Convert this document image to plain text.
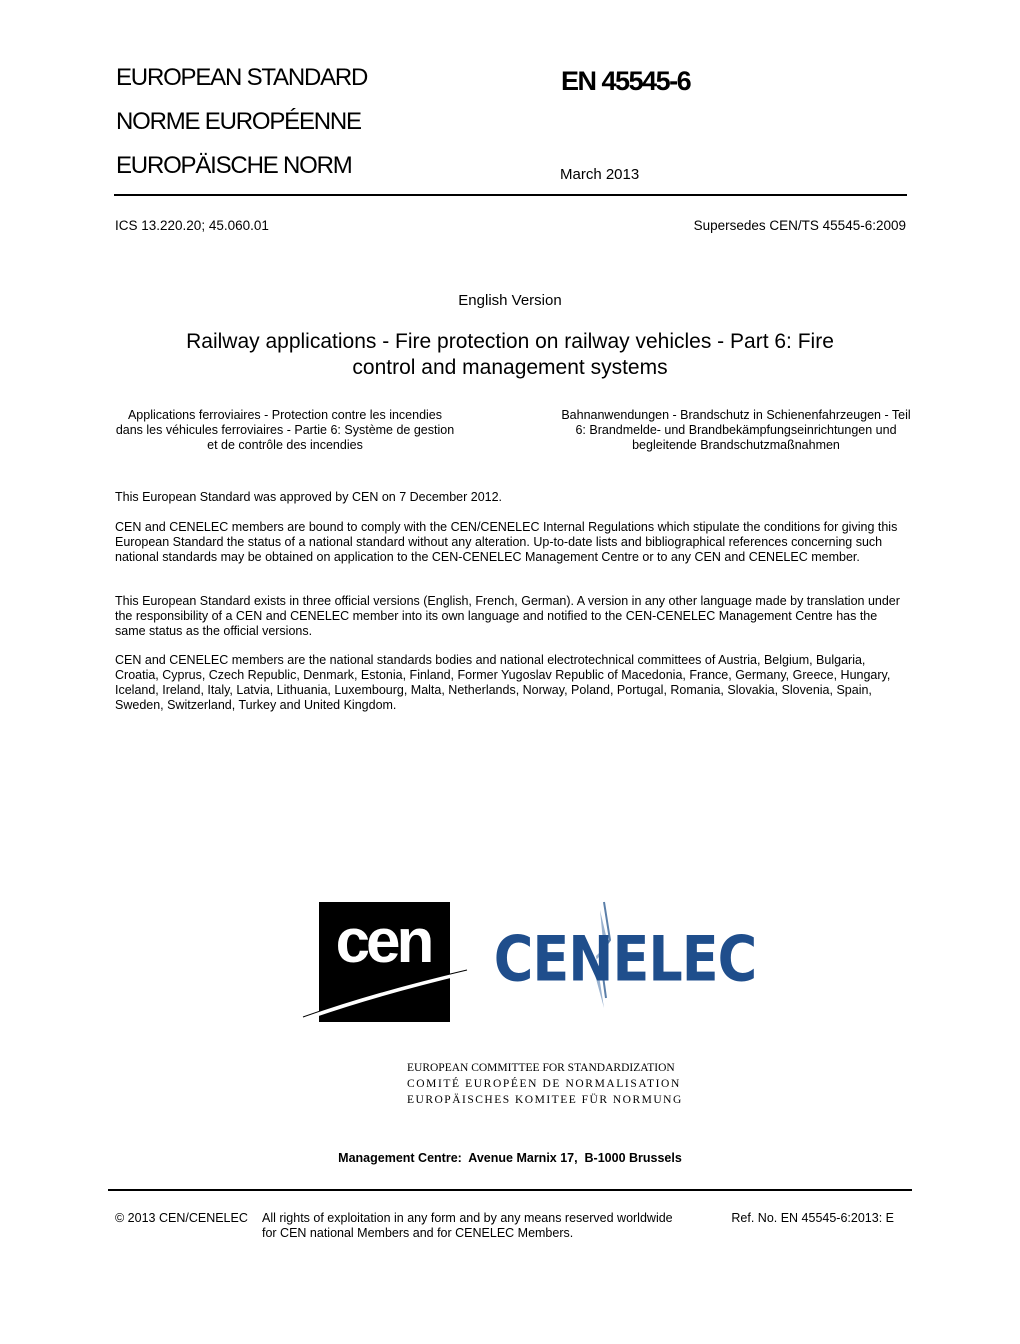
EUROPEAN STANDARD
NORME EUROPÉENNE
EUROPÄISCHE NORM
EN 45545-6
March 2013
ICS 13.220.20; 45.060.01	Supersedes CEN/TS 45545-6:2009
English Version
Railway applications - Fire protection on railway vehicles - Part 6: Fire control and management systems
Applications ferroviaires - Protection contre les incendies dans les véhicules ferroviaires - Partie 6: Système de gestion et de contrôle des incendies
Bahnanwendungen - Brandschutz in Schienenfahrzeugen - Teil 6: Brandmelde- und Brandbekämpfungseinrichtungen und begleitende Brandschutzmaßnahmen
This European Standard was approved by CEN on 7 December 2012.
CEN and CENELEC members are bound to comply with the CEN/CENELEC Internal Regulations which stipulate the conditions for giving this European Standard the status of a national standard without any alteration. Up-to-date lists and bibliographical references concerning such national standards may be obtained on application to the CEN-CENELEC Management Centre or to any CEN and CENELEC member.
This European Standard exists in three official versions (English, French, German). A version in any other language made by translation under the responsibility of a CEN and CENELEC member into its own language and notified to the CEN-CENELEC Management Centre has the same status as the official versions.
CEN and CENELEC members are the national standards bodies and national electrotechnical committees of Austria, Belgium, Bulgaria, Croatia, Cyprus, Czech Republic, Denmark, Estonia, Finland, Former Yugoslav Republic of Macedonia, France, Germany, Greece, Hungary, Iceland, Ireland, Italy, Latvia, Lithuania, Luxembourg, Malta, Netherlands, Norway, Poland, Portugal, Romania, Slovakia, Slovenia, Spain, Sweden, Switzerland, Turkey and United Kingdom.
cen CENELEC
EUROPEAN COMMITTEE FOR STANDARDIZATION
COMITÉ EUROPÉEN DE NORMALISATION
EUROPÄISCHES KOMITEE FÜR NORMUNG
Management Centre:  Avenue Marnix 17,  B-1000 Brussels
© 2013 CEN/CENELEC All rights of exploitation in any form and by any means reserved worldwide for CEN national Members and for CENELEC Members.
Ref. No. EN 45545-6:2013: E
